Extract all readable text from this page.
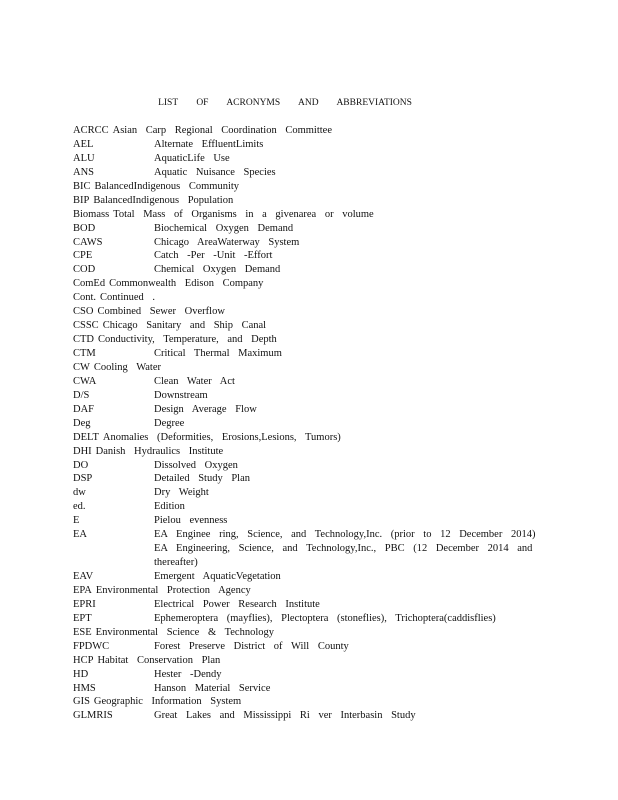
LIST OF ACRONYMS AND ABBREVIATIONS
ACRCC Asian Carp Regional Coordination Committee
AEL	Alternate EffluentLimits
ALU	AquaticLife Use
ANS	Aquatic Nuisance Species
BIC BalancedIndigenous Community
BIP BalancedIndigenous Population
Biomass Total Mass of Organisms in a givenarea or volume
BOD	Biochemical Oxygen Demand
CAWS	Chicago AreaWaterway System
CPE	Catch -Per -Unit -Effort
COD	Chemical Oxygen Demand
ComEd Commonwealth Edison Company
Cont. Continued .
CSO Combined Sewer Overflow
CSSC Chicago Sanitary and Ship Canal
CTD Conductivity, Temperature, and Depth
CTM	Critical Thermal Maximum
CW Cooling Water
CWA	Clean Water Act
D/S	Downstream
DAF	Design Average Flow
Deg	Degree
DELT Anomalies (Deformities, Erosions,Lesions, Tumors)
DHI Danish Hydraulics Institute
DO	Dissolved Oxygen
DSP	Detailed Study Plan
dw	Dry Weight
ed.	Edition
E	Pielou evenness
EA	EA Enginee ring, Science, and Technology,Inc. (prior to 12 December 2014)
EA Engineering, Science, and Technology,Inc., PBC (12 December 2014 and
thereafter)
EAV	Emergent AquaticVegetation
EPA Environmental Protection Agency
EPRI	Electrical Power Research Institute
EPT	Ephemeroptera (mayflies), Plectoptera (stoneflies), Trichoptera(caddisflies)
ESE Environmental Science & Technology
FPDWC	Forest Preserve District of Will County
HCP Habitat Conservation Plan
HD	Hester -Dendy
HMS	Hanson Material Service
GIS Geographic Information System
GLMRIS	Great Lakes and Mississippi Ri ver Interbasin Study
